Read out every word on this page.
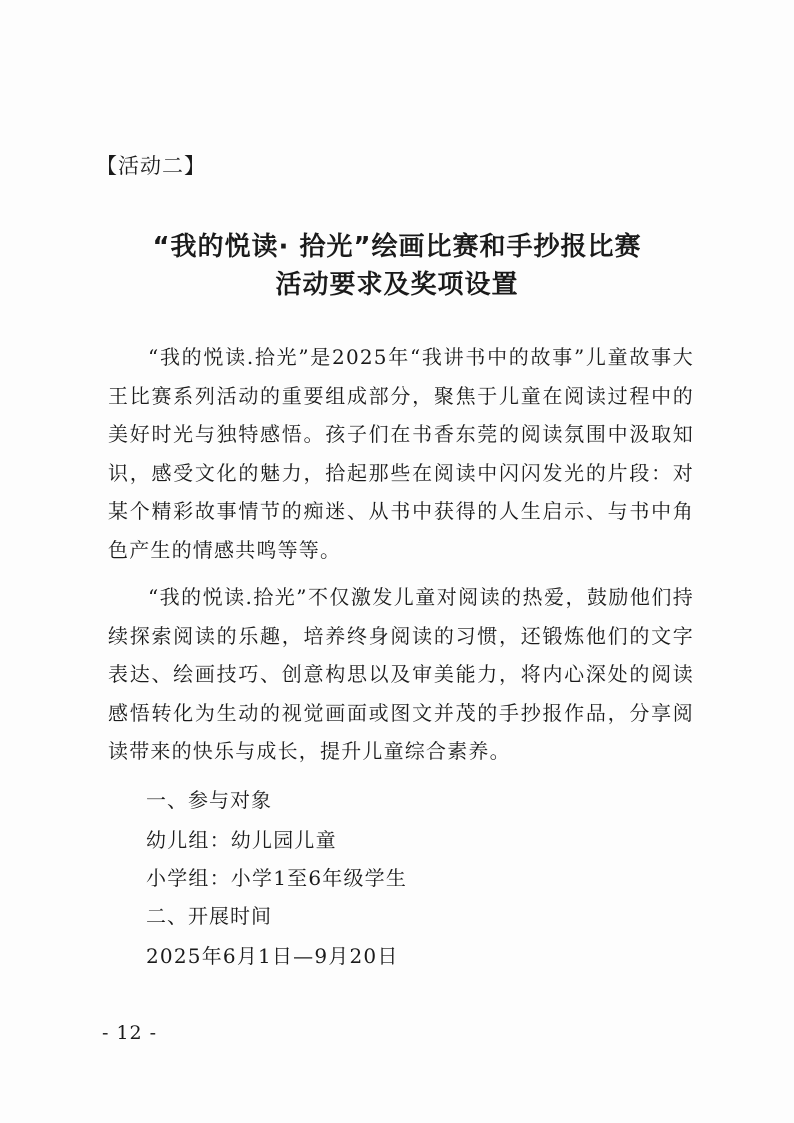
【活动二】
“我的悦读· 拾光”绘画比赛和手抄报比赛
活动要求及奖项设置
“我的悦读.拾光”是2025年“我讲书中的故事”儿童故事大王比赛系列活动的重要组成部分，聚焦于儿童在阅读过程中的美好时光与独特感悟。孩子们在书香东莞的阅读氛围中汲取知识，感受文化的魅力，拾起那些在阅读中闪闪发光的片段：对某个精彩故事情节的痴迷、从书中获得的人生启示、与书中角色产生的情感共鸣等等。
“我的悦读.拾光”不仅激发儿童对阅读的热爱，鼓励他们持续探索阅读的乐趣，培养终身阅读的习惯，还锻炼他们的文字表达、绘画技巧、创意构思以及审美能力，将内心深处的阅读感悟转化为生动的视觉画面或图文并茂的手抄报作品，分享阅读带来的快乐与成长，提升儿童综合素养。
一、参与对象
幼儿组：幼儿园儿童
小学组：小学1至6年级学生
二、开展时间
2025年6月1日—9月20日
- 12 -
